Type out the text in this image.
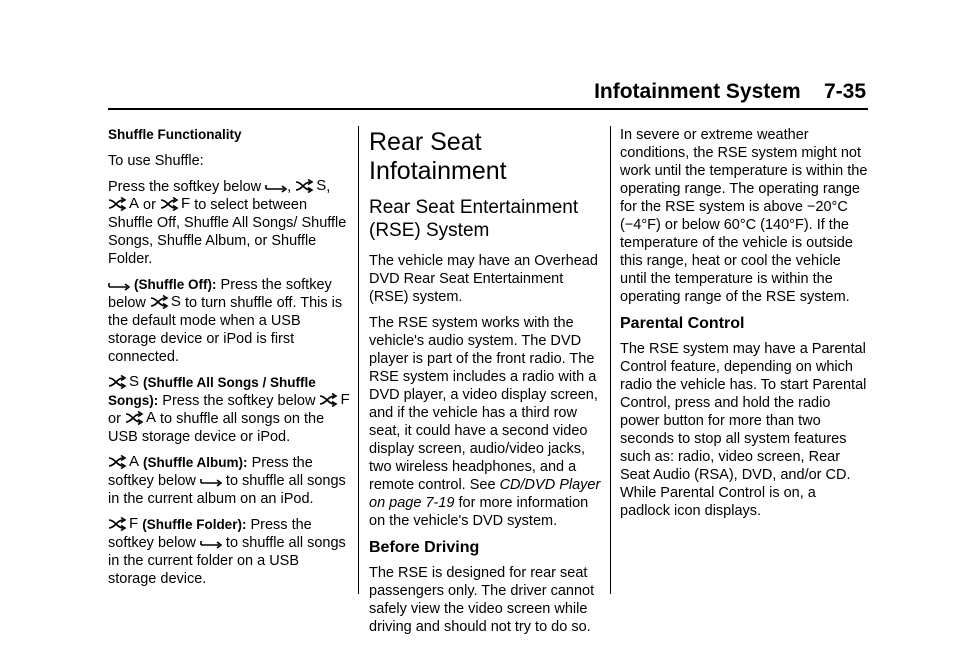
Infotainment System 7-35
Shuffle Functionality

To use Shuffle:

Press the softkey below , S, A or F to select between Shuffle Off, Shuffle All Songs/ Shuffle Songs, Shuffle Album, or Shuffle Folder.

(Shuffle Off): Press the softkey below S to turn shuffle off. This is the default mode when a USB storage device or iPod is first connected.

S (Shuffle All Songs / Shuffle Songs): Press the softkey below F or A to shuffle all songs on the USB storage device or iPod.

A (Shuffle Album): Press the softkey below to shuffle all songs in the current album on an iPod.

F (Shuffle Folder): Press the softkey below to shuffle all songs in the current folder on a USB storage device.

Rear Seat Infotainment
Rear Seat Entertainment (RSE) System

The vehicle may have an Overhead DVD Rear Seat Entertainment (RSE) system.

The RSE system works with the vehicle's audio system. The DVD player is part of the front radio. The RSE system includes a radio with a DVD player, a video display screen, and if the vehicle has a third row seat, it could have a second video display screen, audio/video jacks, two wireless headphones, and a remote control. See CD/DVD Player on page 7-19 for more information on the vehicle's DVD system.

Before Driving

The RSE is designed for rear seat passengers only. The driver cannot safely view the video screen while driving and should not try to do so.

In severe or extreme weather conditions, the RSE system might not work until the temperature is within the operating range. The operating range for the RSE system is above −20°C (−4°F) or below 60°C (140°F). If the temperature of the vehicle is outside this range, heat or cool the vehicle until the temperature is within the operating range of the RSE system.

Parental Control

The RSE system may have a Parental Control feature, depending on which radio the vehicle has. To start Parental Control, press and hold the radio power button for more than two seconds to stop all system features such as: radio, video screen, Rear Seat Audio (RSA), DVD, and/or CD. While Parental Control is on, a padlock icon displays.
